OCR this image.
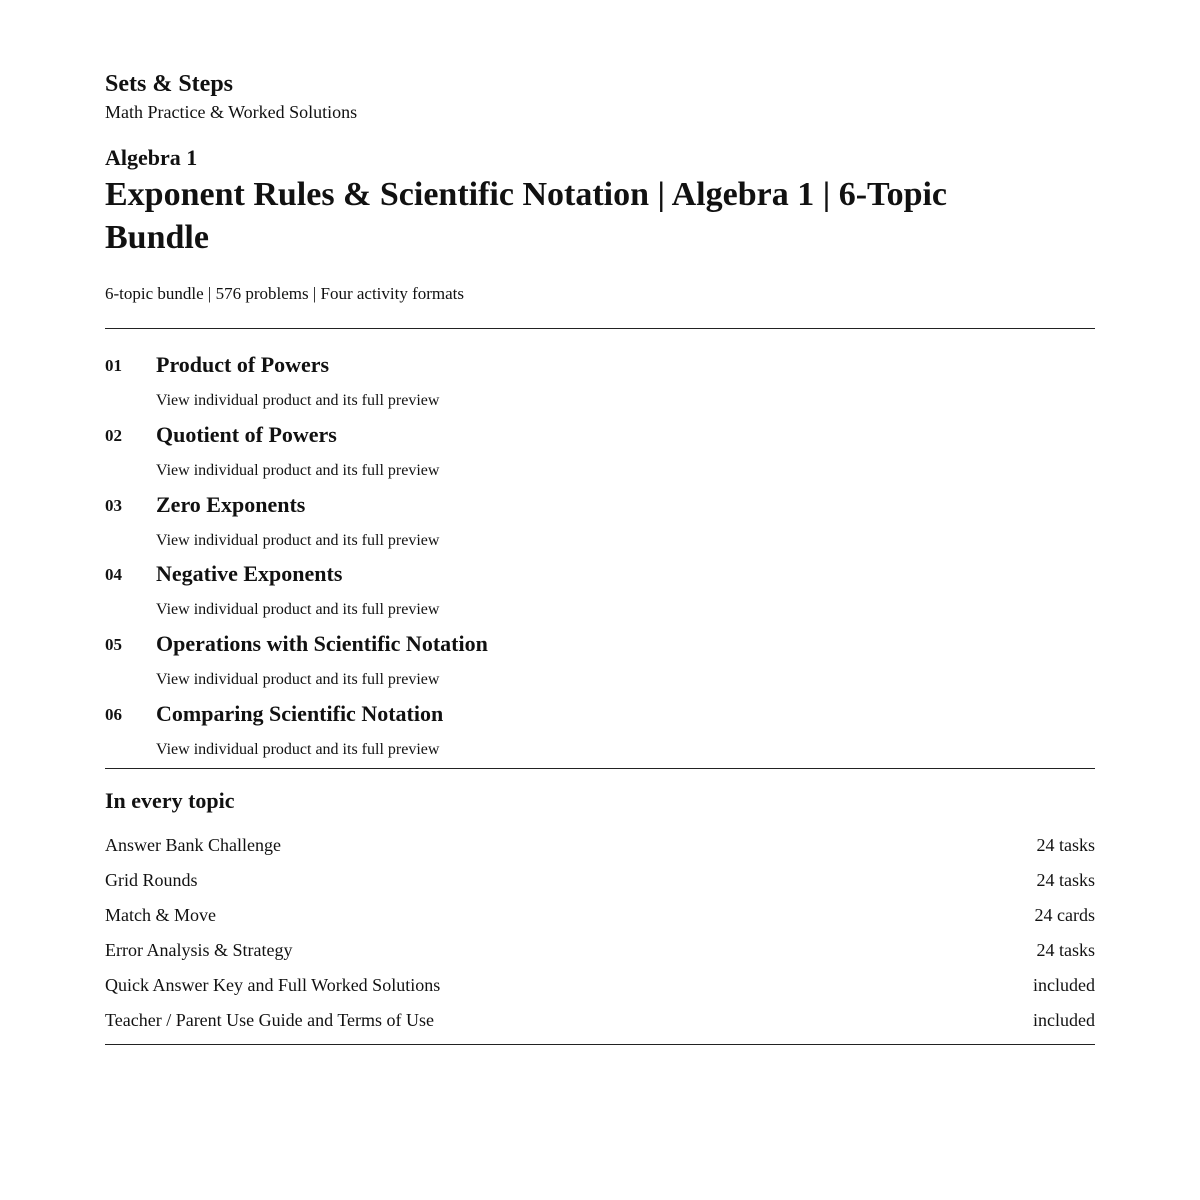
Sets & Steps

Math Practice & Worked Solutions

Algebra 1

Exponent Rules & Scientific Notation | Algebra 1 | 6-Topic Bundle

6-topic bundle | 576 problems | Four activity formats

01 Product of Powers
View individual product and its full preview
02 Quotient of Powers
View individual product and its full preview
03 Zero Exponents
View individual product and its full preview
04 Negative Exponents
View individual product and its full preview
05 Operations with Scientific Notation
View individual product and its full preview
06 Comparing Scientific Notation
View individual product and its full preview
In every topic
Answer Bank Challenge	24 tasks
Grid Rounds	24 tasks
Match & Move	24 cards
Error Analysis & Strategy	24 tasks
Quick Answer Key and Full Worked Solutions	included
Teacher / Parent Use Guide and Terms of Use	included
